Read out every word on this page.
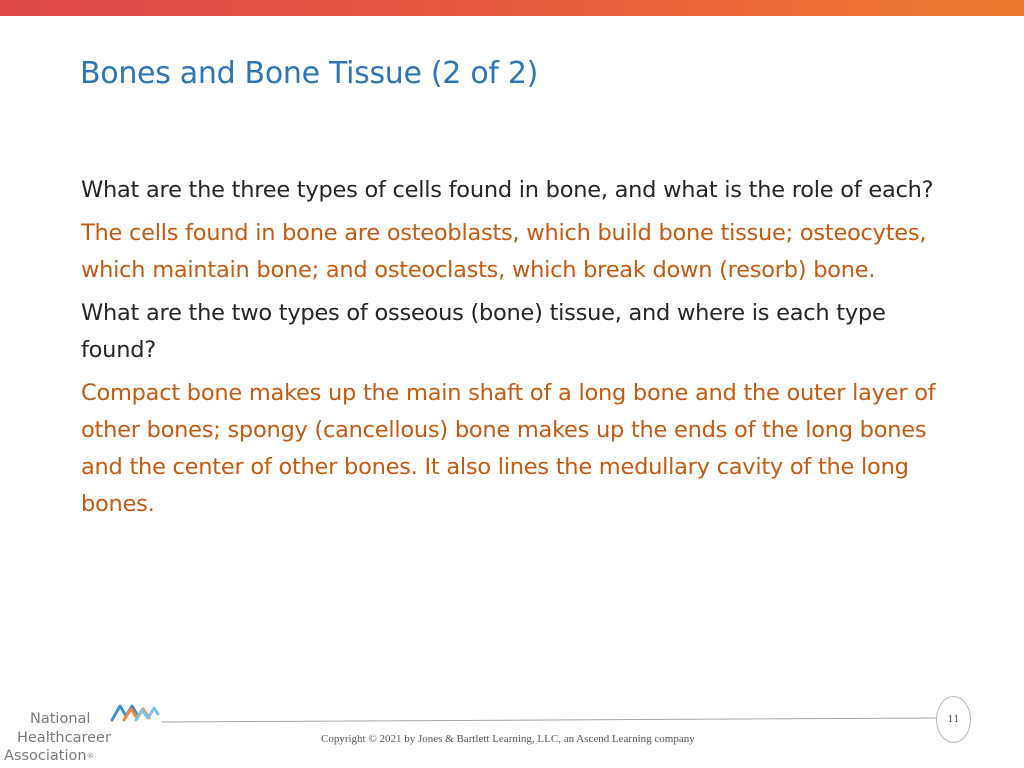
Bones and Bone Tissue (2 of 2)

What are the three types of cells found in bone, and what is the role of each?

The cells found in bone are osteoblasts, which build bone tissue; osteocytes, which maintain bone; and osteoclasts, which break down (resorb) bone.

What are the two types of osseous (bone) tissue, and where is each type found?

Compact bone makes up the main shaft of a long bone and the outer layer of other bones; spongy (cancellous) bone makes up the ends of the long bones and the center of other bones. It also lines the medullary cavity of the long bones.

National
Healthcareer
Association®
11
Copyright © 2021 by Jones & Bartlett Learning, LLC, an Ascend Learning company
